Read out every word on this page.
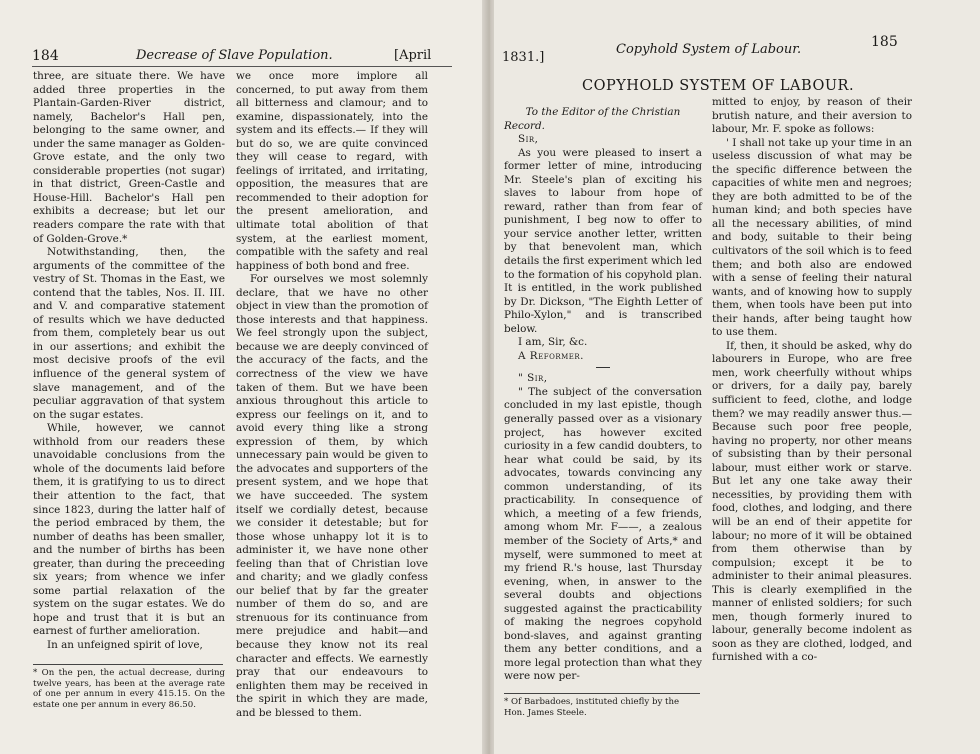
184	Decrease of Slave Population.	[April

three, are situate there. We have added three properties in the Plantain-Garden-River district, namely, Bachelor's Hall pen, belonging to the same owner, and under the same manager as Golden-Grove estate, and the only two considerable properties (not sugar) in that district, Green-Castle and House-Hill. Bachelor's Hall pen exhibits a decrease; but let our readers compare the rate with that of Golden-Grove.*

Notwithstanding, then, the arguments of the committee of the vestry of St. Thomas in the East, we contend that the tables, Nos. II. III. and V. and comparative statement of results which we have deducted from them, completely bear us out in our assertions; and exhibit the most decisive proofs of the evil influence of the general system of slave management, and of the peculiar aggravation of that system on the sugar estates.

While, however, we cannot withhold from our readers these unavoidable conclusions from the whole of the documents laid before them, it is gratifying to us to direct their attention to the fact, that since 1823, during the latter half of the period embraced by them, the number of deaths has been smaller, and the number of births has been greater, than during the preceeding six years; from whence we infer some partial relaxation of the system on the sugar estates. We do hope and trust that it is but an earnest of further amelioration.

In an unfeigned spirit of love,

we once more implore all concerned, to put away from them all bitterness and clamour; and to examine, dispassionately, into the system and its effects.— If they will but do so, we are quite convinced they will cease to regard, with feelings of irritated, and irritating, opposition, the measures that are recommended to their adoption for the present amelioration, and ultimate total abolition of that system, at the earliest moment, compatible with the safety and real happiness of both bond and free.

For ourselves we most solemnly declare, that we have no other object in view than the promotion of those interests and that happiness. We feel strongly upon the subject, because we are deeply convinced of the accuracy of the facts, and the correctness of the view we have taken of them. But we have been anxious throughout this article to express our feelings on it, and to avoid every thing like a strong expression of them, by which unnecessary pain would be given to the advocates and supporters of the present system, and we hope that we have succeeded. The system itself we cordially detest, because we consider it detestable; but for those whose unhappy lot it is to administer it, we have none other feeling than that of Christian love and charity; and we gladly confess our belief that by far the greater number of them do so, and are strenuous for its continuance from mere prejudice and habit—and because they know not its real character and effects. We earnestly pray that our endeavours to enlighten them may be received in the spirit in which they are made, and be blessed to them.

* On the pen, the actual decrease, during twelve years, has been at the average rate of one per annum in every 415.15. On the estate one per annum in every 86.50.
1831.]
Copyhold System of Labour.	185
COPYHOLD SYSTEM OF LABOUR.

To the Editor of the Christian Record.

Sir,

As you were pleased to insert a former letter of mine, introducing Mr. Steele's plan of exciting his slaves to labour from hope of reward, rather than from fear of punishment, I beg now to offer to your service another letter, written by that benevolent man, which details the first experiment which led to the formation of his copyhold plan. It is entitled, in the work published by Dr. Dickson, "The Eighth Letter of Philo-Xylon," and is transcribed below.

I am, Sir, &c.

A Reformer.

" Sir,

" The subject of the conversation concluded in my last epistle, though generally passed over as a visionary project, has however excited curiosity in a few candid doubters, to hear what could be said, by its advocates, towards convincing any common understanding, of its practicability. In consequence of which, a meeting of a few friends, among whom Mr. F——, a zealous member of the Society of Arts,* and myself, were summoned to meet at my friend R.'s house, last Thursday evening, when, in answer to the several doubts and objections suggested against the practicability of making the negroes copyhold bond-slaves, and against granting them any better conditions, and a more legal protection than what they were now per-

* Of Barbadoes, instituted chiefly by the Hon. James Steele.

mitted to enjoy, by reason of their brutish nature, and their aversion to labour, Mr. F. spoke as follows:

' I shall not take up your time in an useless discussion of what may be the specific difference between the capacities of white men and negroes; they are both admitted to be of the human kind; and both species have all the necessary abilities, of mind and body, suitable to their being cultivators of the soil which is to feed them; and both also are endowed with a sense of feeling their natural wants, and of knowing how to supply them, when tools have been put into their hands, after being taught how to use them.

If, then, it should be asked, why do labourers in Europe, who are free men, work cheerfully without whips or drivers, for a daily pay, barely sufficient to feed, clothe, and lodge them? we may readily answer thus.—Because such poor free people, having no property, nor other means of subsisting than by their personal labour, must either work or starve. But let any one take away their necessities, by providing them with food, clothes, and lodging, and there will be an end of their appetite for labour; no more of it will be obtained from them otherwise than by compulsion; except it be to administer to their animal pleasures. This is clearly exemplified in the manner of enlisted soldiers; for such men, though formerly inured to labour, generally become indolent as soon as they are clothed, lodged, and furnished with a co-
